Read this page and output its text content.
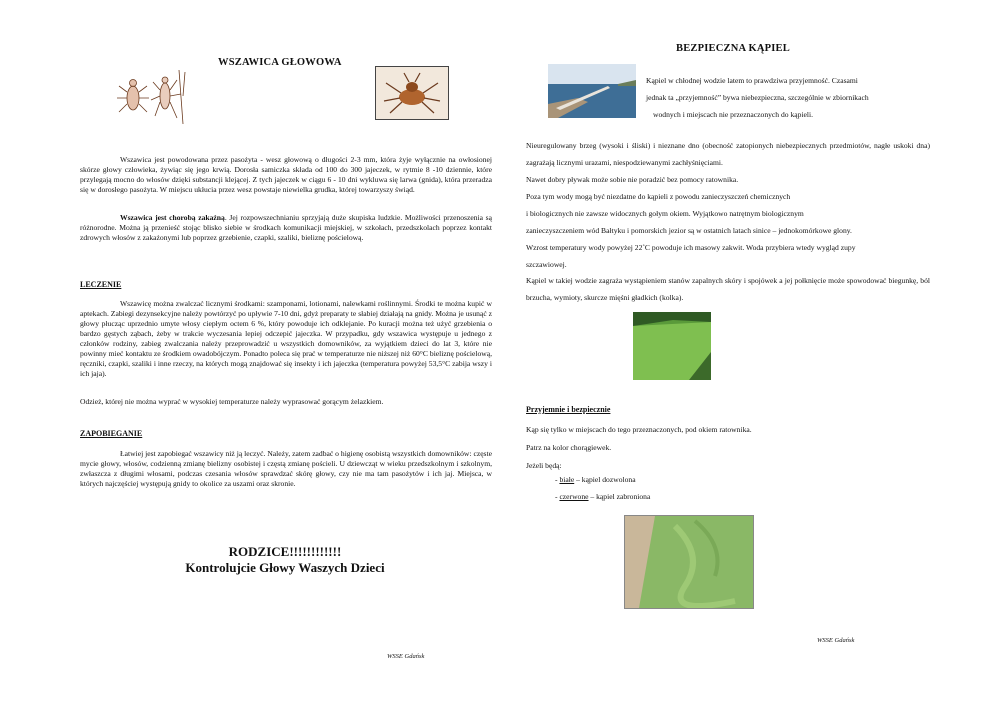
WSZAWICA GŁOWOWA
Wszawica jest powodowana przez pasożyta - wesz głowową o długości 2-3 mm, która żyje wyłącznie na owłosionej skórze głowy człowieka, żywiąc się jego krwią. Dorosła samiczka składa od 100 do 300 jajeczek, w rytmie 8 -10 dziennie, które przylegają mocno do włosów dzięki substancji klejącej. Z tych jajeczek w ciągu 6 - 10 dni wykluwa się larwa (gnida), która przeradza się w dorosłego pasożyta. W miejscu ukłucia przez wesz powstaje niewielka grudka, której towarzyszy świąd.
Wszawica jest chorobą zakaźną. Jej rozpowszechnianiu sprzyjają duże skupiska ludzkie. Możliwości przenoszenia są różnorodne. Można ją przenieść stojąc blisko siebie w środkach komunikacji miejskiej, w szkołach, przedszkolach poprzez kontakt zdrowych włosów z zakażonymi lub poprzez grzebienie, czapki, szaliki, bieliznę pościelową.
LECZENIE
Wszawicę można zwalczać licznymi środkami: szamponami, lotionami, nalewkami roślinnymi. Środki te można kupić w aptekach. Zabiegi dezynsekcyjne należy powtórzyć po upływie 7-10 dni, gdyż preparaty te słabiej działają na gnidy. Można je usunąć z głowy płucząc uprzednio umyte włosy ciepłym octem 6 %, który powoduje ich odklejanie. Po kuracji można też użyć grzebienia o bardzo gęstych ząbach, żeby w trakcie wyczesania lepiej odczepić jajeczka. W przypadku, gdy wszawica występuje u jednego z członków rodziny, zabieg zwalczania należy przeprowadzić u wszystkich domowników, za wyjątkiem dzieci do lat 3, które nie powinny mieć kontaktu ze środkiem owadobójczym. Ponadto poleca się prać w temperaturze nie niższej niż 60°C bieliznę pościelową, ręczniki, czapki, szaliki i inne rzeczy, na których mogą znajdować się insekty i ich jajeczka (temperatura powyżej 53,5°C zabija wszy i ich jaja).
Odzież, której nie można wyprać w wysokiej temperaturze należy wyprasować gorącym żelazkiem.
ZAPOBIEGANIE
Łatwiej jest zapobiegać wszawicy niż ją leczyć. Należy, zatem zadbać o higienę osobistą wszystkich domowników: częste mycie głowy, włosów, codzienną zmianę bielizny osobistej i częstą zmianę pościeli. U dziewcząt w wieku przedszkolnym i szkolnym, zwłaszcza z długimi włosami, podczas czesania włosów sprawdzać skórę głowy, czy nie ma tam pasożytów i ich jaj. Miejsca, w których najczęściej występują gnidy to okolice za uszami oraz skronie.
RODZICE!!!!!!!!!!!!
Kontrolujcie Głowy Waszych Dzieci
WSSE Gdańsk
BEZPIECZNA KĄPIEL
Kąpiel w chłodnej wodzie latem to prawdziwa przyjemność. Czasami
jednak ta „przyjemność” bywa niebezpieczna, szczególnie w zbiornikach
wodnych i miejscach nie przeznaczonych do kąpieli.
Nieuregulowany brzeg (wysoki i śliski) i nieznane dno (obecność zatopionych niebezpiecznych przedmiotów, nagłe uskoki dna) zagrażają licznymi urazami, niespodziewanymi zachłyśnięciami.
Nawet dobry pływak może sobie nie poradzić bez pomocy ratownika.
Poza tym wody mogą być niezdatne do kąpieli z powodu zanieczyszczeń chemicznych
i biologicznych nie zawsze widocznych gołym okiem. Wyjątkowo natrętnym biologicznym
zanieczyszczeniem wód Bałtyku i pomorskich jezior są w ostatnich latach sinice – jednokomórkowe glony.
Wzrost temperatury wody powyżej 22˚C powoduje ich masowy zakwit. Woda przybiera wtedy wygląd zupy
szczawiowej.
Kąpiel w takiej wodzie zagraża wystąpieniem stanów zapalnych skóry i spojówek a jej połknięcie może spowodować biegunkę, ból brzucha, wymioty, skurcze mięśni gładkich (kolka).
Przyjemnie i bezpiecznie
Kąp się tylko w miejscach do tego przeznaczonych, pod okiem ratownika.
Patrz na kolor chorągiewek.
Jeżeli będą:
- białe – kąpiel dozwolona
- czerwone – kąpiel zabroniona
WSSE Gdańsk
